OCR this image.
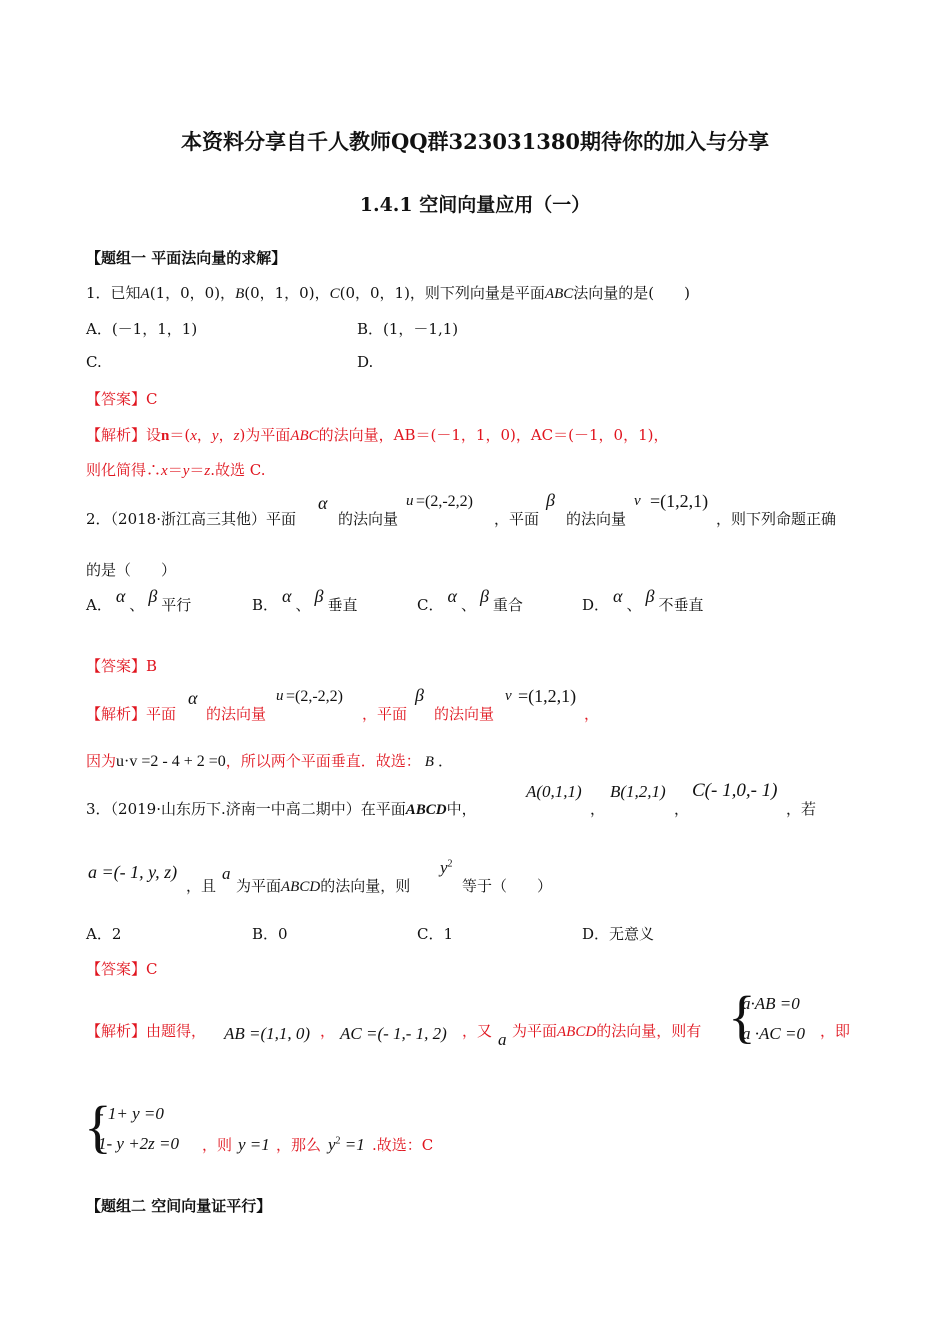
本资料分享自千人教师QQ群323031380期待你的加入与分享
1.4.1 空间向量应用（一）
【题组一 平面法向量的求解】
1．已知A(1，0，0)，B(0，1，0)，C(0，0，1)，则下列向量是平面ABC法向量的是(　　)
A．(－1，1，1)	B．(1，－1,1)
C.	D.
【答案】C
【解析】设n＝(x，y，z)为平面ABC的法向量，AB＝(－1，1，0)，AC＝(－1，0，1)，
则化简得∴x＝y＝z.故选 C.
2．（2018·浙江高三其他）平面
α
的法向量
u =(2,-2,2)
，平面
β
的法向量
v =(1,2,1)
，则下列命题正确
的是（　　）
A． α 、 β 平行	B． α 、 β 垂直	C． α 、 β 重合	D． α 、 β 不垂直
【答案】B
【解析】平面
α
的法向量
u =(2,-2,2)
，平面
β
的法向量
v =(1,2,1)
，
因为u·v =2 - 4 + 2 =0，所以两个平面垂直．故选： B ．
3．（2019·山东历下.济南一中高二期中）在平面ABCD中，
A(0,1,1)
，
B(1,2,1)
，
C(- 1,0,- 1)
，若
a =(- 1, y, z)
，且
a
为平面ABCD的法向量，则
$y^2$
等于（　　）
A．2	B．0	C．1	D．无意义
【答案】C
【解析】由题得， AB =(1,1, 0) ， AC =(- 1,- 1, 2) ，又 a 为平面ABCD的法向量，则有 {
a·AB =0
a ·AC =0 ，即
{
- 1+ y =0
1- y +2z =0 ，则 y =1 ，那么 $y^2 =1$ .故选：C
【题组二 空间向量证平行】
